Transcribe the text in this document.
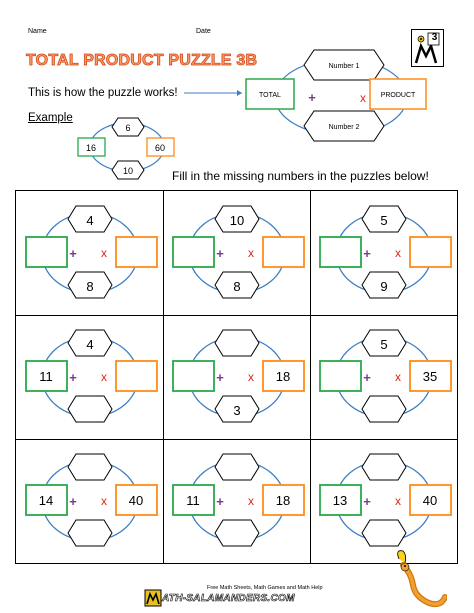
Name	Date
TOTAL PRODUCT PUZZLE 3B
3
This is how the puzzle works!
Example
Fill in the missing numbers in the puzzles below!
Number 1
Number 2
TOTAL	PRODUCT
+	x
6
10
16	60
+ x
4
8
+ x
10
8
+ x
5
9
+ x
4
11	+ x
3
18	+ x
5
35
+ x
14	40	+ x
11	18	+ x
13	40
Free Math Sheets, Math Games and Math Help
ATH-SALAMANDERS.COM
